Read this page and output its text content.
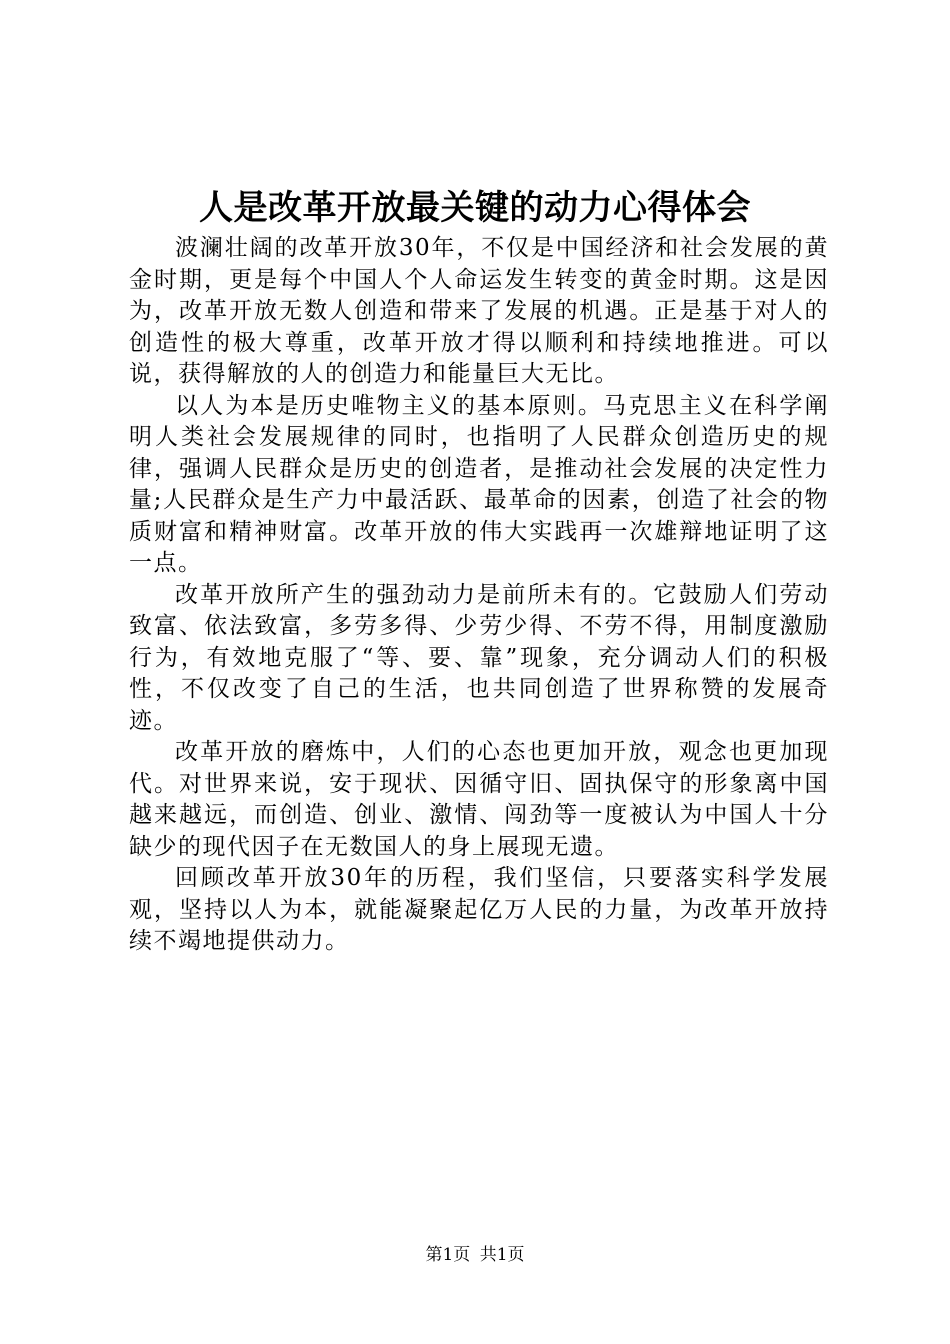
人是改革开放最关键的动力心得体会

波澜壮阔的改革开放30年，不仅是中国经济和社会发展的黄金时期，更是每个中国人个人命运发生转变的黄金时期。这是因为，改革开放无数人创造和带来了发展的机遇。正是基于对人的创造性的极大尊重，改革开放才得以顺利和持续地推进。可以说，获得解放的人的创造力和能量巨大无比。

以人为本是历史唯物主义的基本原则。马克思主义在科学阐明人类社会发展规律的同时，也指明了人民群众创造历史的规律，强调人民群众是历史的创造者，是推动社会发展的决定性力量;人民群众是生产力中最活跃、最革命的因素，创造了社会的物质财富和精神财富。改革开放的伟大实践再一次雄辩地证明了这一点。

改革开放所产生的强劲动力是前所未有的。它鼓励人们劳动致富、依法致富，多劳多得、少劳少得、不劳不得，用制度激励行为，有效地克服了“等、要、靠”现象，充分调动人们的积极性，不仅改变了自己的生活，也共同创造了世界称赞的发展奇迹。

改革开放的磨炼中，人们的心态也更加开放，观念也更加现代。对世界来说，安于现状、因循守旧、固执保守的形象离中国越来越远，而创造、创业、激情、闯劲等一度被认为中国人十分缺少的现代因子在无数国人的身上展现无遗。

回顾改革开放30年的历程，我们坚信，只要落实科学发展观，坚持以人为本，就能凝聚起亿万人民的力量，为改革开放持续不竭地提供动力。

第1页 共1页
